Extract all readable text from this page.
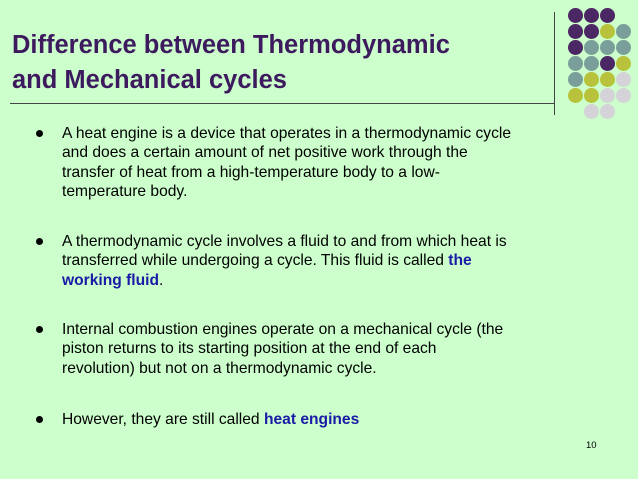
Difference between Thermodynamic
and Mechanical cycles
A heat engine is a device that operates in a thermodynamic cycle
and does a certain amount of net positive work through the
transfer of heat from a high-temperature body to a low-
temperature body.
A thermodynamic cycle involves a fluid to and from which heat is
transferred while undergoing a cycle. This fluid is called the
working fluid.
Internal combustion engines operate on a mechanical cycle (the
piston returns to its starting position at the end of each
revolution) but not on a thermodynamic cycle.
However, they are still called heat engines
10
